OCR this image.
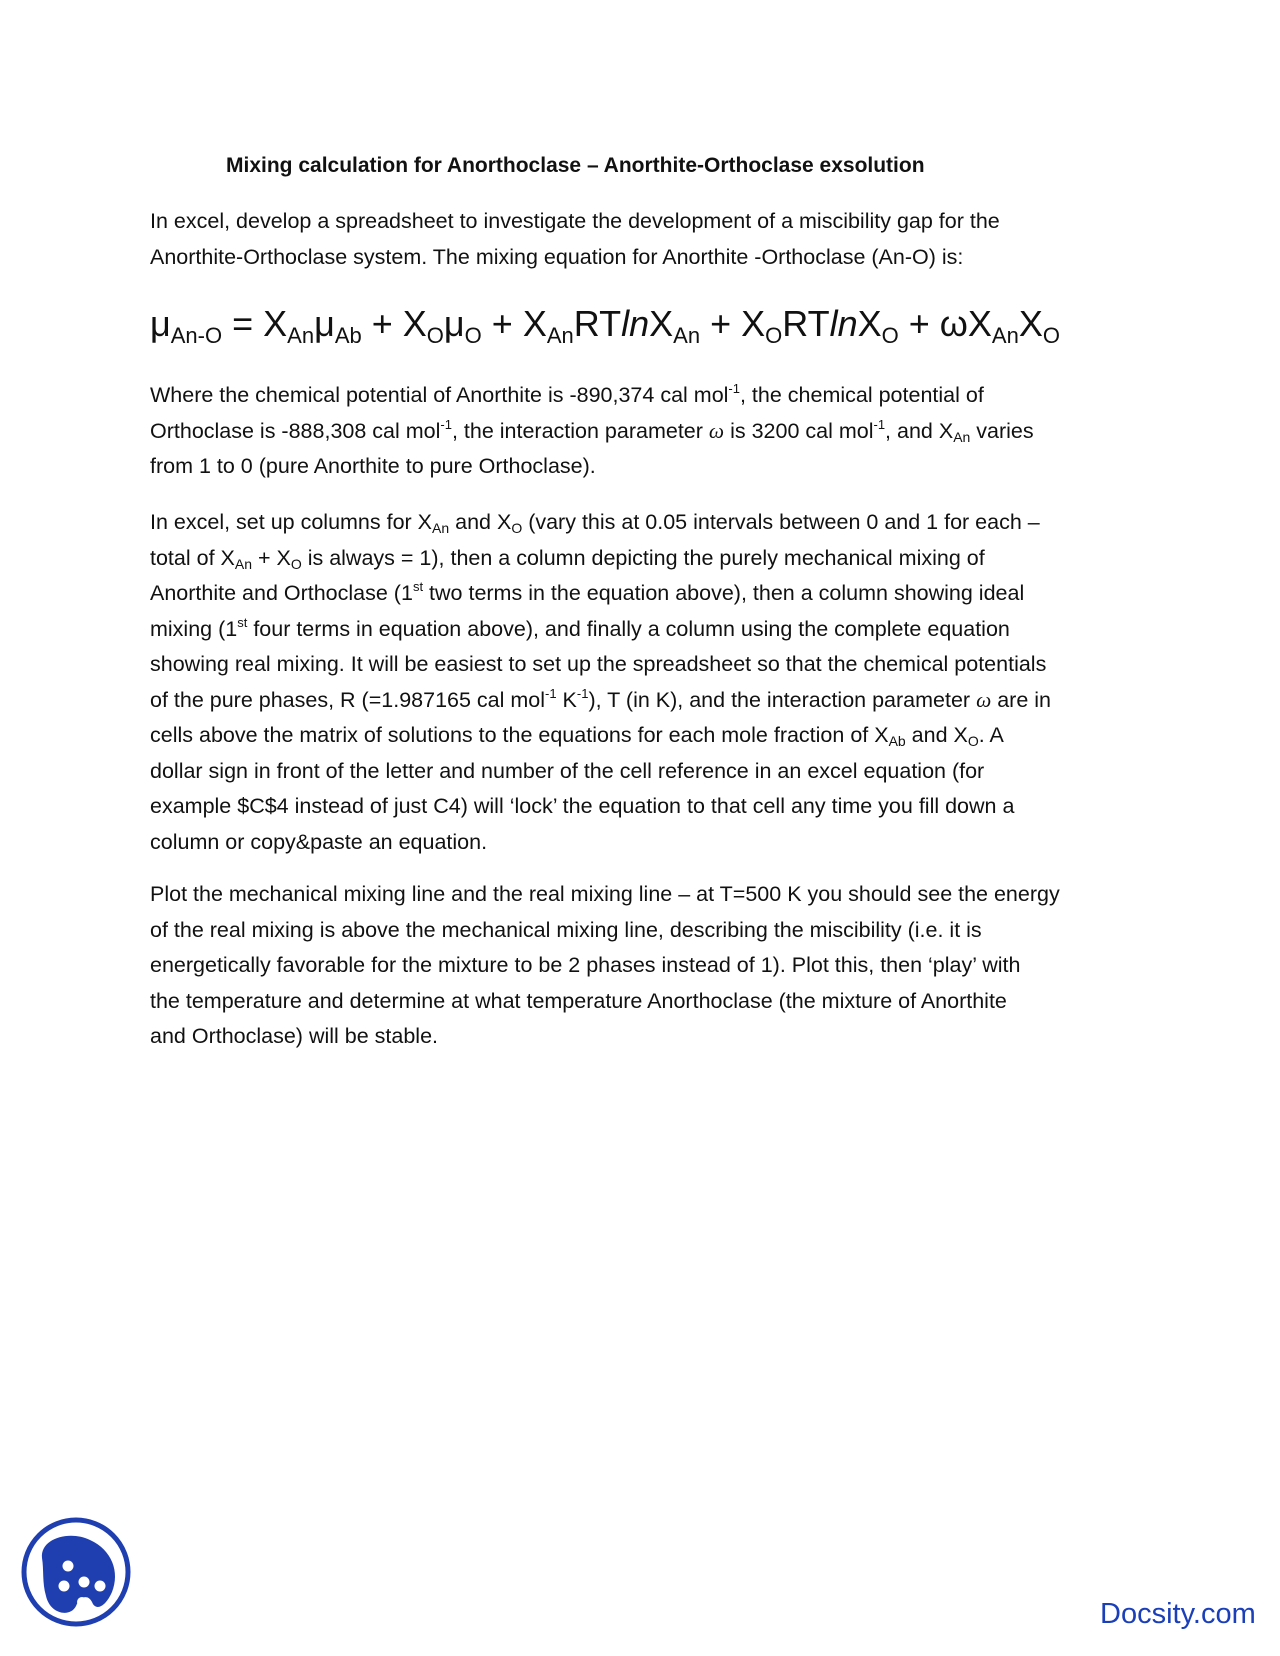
Mixing calculation for Anorthoclase – Anorthite-Orthoclase exsolution
In excel, develop a spreadsheet to investigate the development of a miscibility gap for the
Anorthite-Orthoclase system. The mixing equation for Anorthite -Orthoclase (An-O) is:
$\mu_{An-O} = X_{An}\mu_{Ab} + X_O\mu_O + X_{An}RTlnX_{An} + X_ORTlnX_O + \omega X_{An}X_O$
Where the chemical potential of Anorthite is -890,374 cal mol$^{-1}$, the chemical potential of
Orthoclase is -888,308 cal mol$^{-1}$, the interaction parameter ω is 3200 cal mol$^{-1}$, and $X_{An}$ varies
from 1 to 0 (pure Anorthite to pure Orthoclase).
In excel, set up columns for $X_{An}$ and $X_O$ (vary this at 0.05 intervals between 0 and 1 for each –
total of $X_{An} + X_O$ is always = 1), then a column depicting the purely mechanical mixing of
Anorthite and Orthoclase (1st two terms in the equation above), then a column showing ideal
mixing (1st four terms in equation above), and finally a column using the complete equation
showing real mixing. It will be easiest to set up the spreadsheet so that the chemical potentials
of the pure phases, R (=1.987165 cal mol$^{-1}$ $K^{-1}$), T (in K), and the interaction parameter ω are in
cells above the matrix of solutions to the equations for each mole fraction of $X_{Ab}$ and $X_O$. A
dollar sign in front of the letter and number of the cell reference in an excel equation (for
example $C$4 instead of just C4) will ‘lock’ the equation to that cell any time you fill down a
column or copy&paste an equation.
Plot the mechanical mixing line and the real mixing line – at T=500 K you should see the energy
of the real mixing is above the mechanical mixing line, describing the miscibility (i.e. it is
energetically favorable for the mixture to be 2 phases instead of 1). Plot this, then ‘play’ with
the temperature and determine at what temperature Anorthoclase (the mixture of Anorthite
and Orthoclase) will be stable.
Docsity.com
